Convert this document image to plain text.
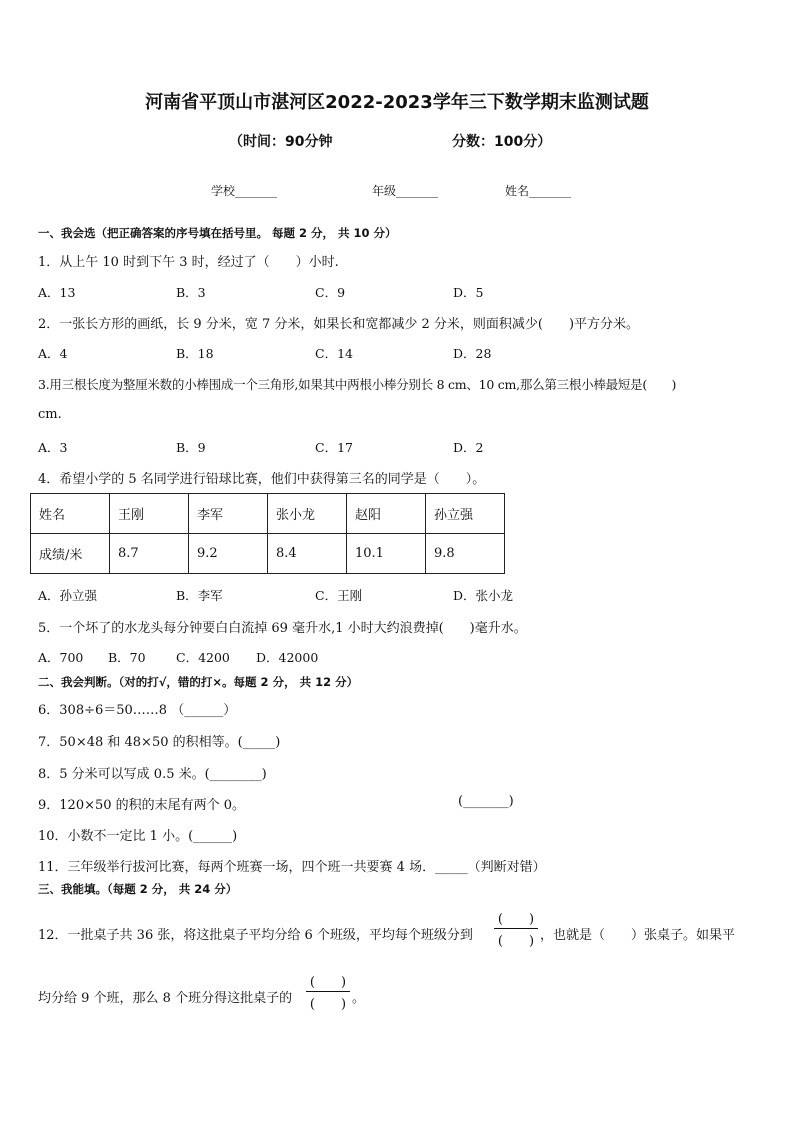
河南省平顶山市湛河区2022-2023学年三下数学期末监测试题
（时间：90分钟	分数：100分）
学校_______	年级_______	姓名_______
一、我会选（把正确答案的序号填在括号里。 每题 2 分， 共 10 分）
1．从上午 10 时到下午 3 时，经过了（　　）小时.
A．13	B．3	C．9	D．5
2．一张长方形的画纸，长 9 分米，宽 7 分米，如果长和宽都减少 2 分米，则面积减少(　　)平方分米。
A．4	B．18	C．14	D．28
3.用三根长度为整厘米数的小棒围成一个三角形,如果其中两根小棒分别长 8 cm、10 cm,那么第三根小棒最短是(　　)
cm.
A．3	B．9	C．17	D．2
4．希望小学的 5 名同学进行铅球比赛，他们中获得第三名的同学是（　　）。
姓名	王刚	李军	张小龙	赵阳	孙立强
成绩/米	8.7	9.2	8.4	10.1	9.8
A．孙立强	B．李军	C．王刚	D．张小龙
5．一个坏了的水龙头每分钟要白白流掉 69 毫升水,1 小时大约浪费掉(　　)毫升水。
A．700 B．70 C．4200 D．42000
二、我会判断。（对的打√，错的打×。每题 2 分， 共 12 分）
6．308÷6＝50……8 （______）
7．50×48 和 48×50 的积相等。(_____)
8．5 分米可以写成 0.5 米。(________)
9．120×50 的积的末尾有两个 0。	(_______)
10．小数不一定比 1 小。(______)
11．三年级举行拔河比赛，每两个班赛一场，四个班一共要赛 4 场．_____（判断对错）
三、我能填。（每题 2 分， 共 24 分）
12．一批桌子共 36 张，将这批桌子平均分给 6 个班级，平均每个班级分到
(　　)
(　　) ，也就是（　　）张桌子。如果平
均分给 9 个班，那么 8 个班分得这批桌子的
(　　)
(　　) 。
